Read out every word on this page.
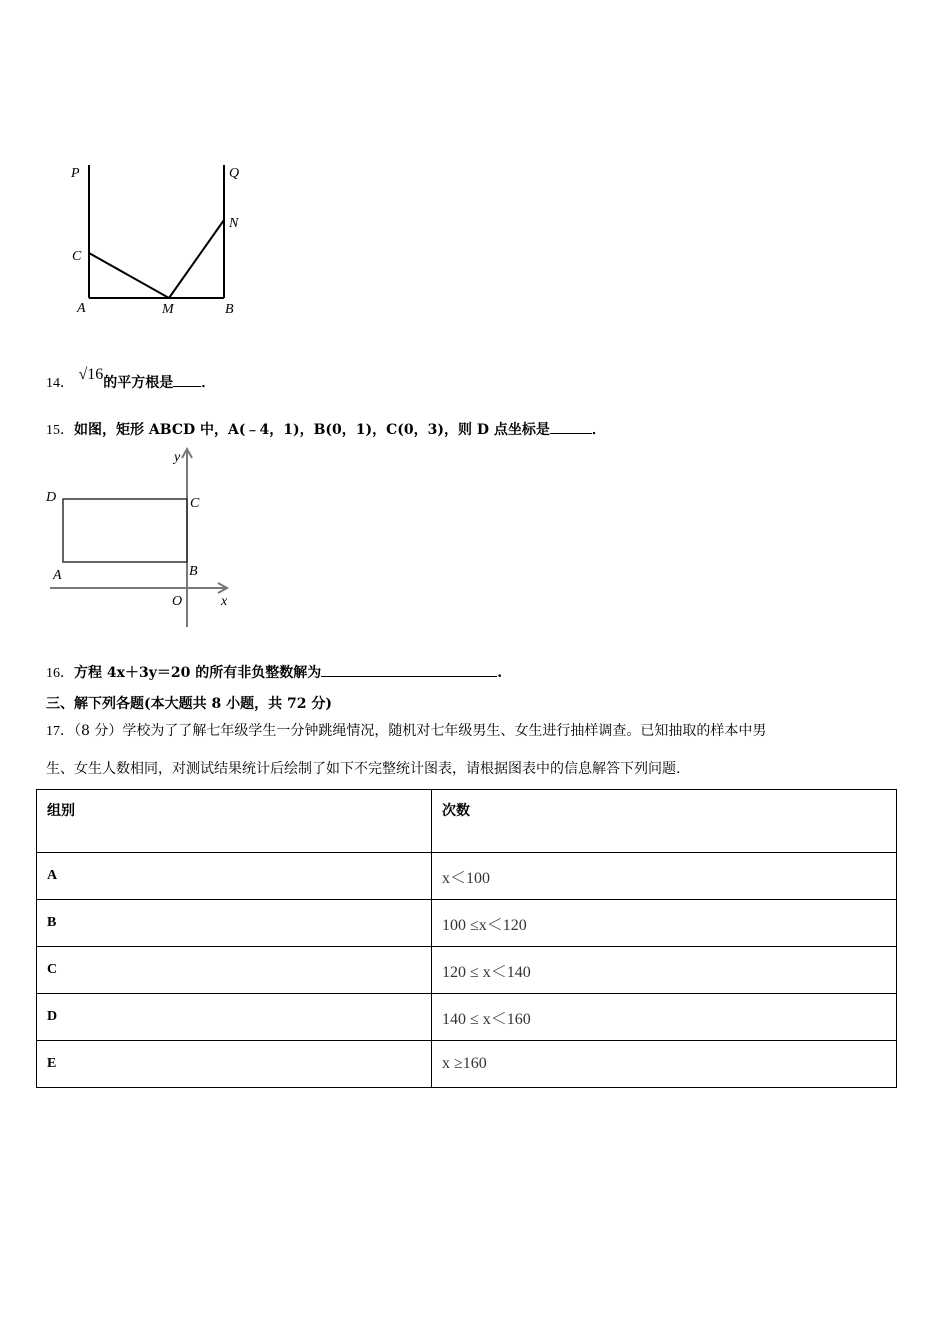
P	Q
C
N
A	M	B
14． √16的平方根是 ．
15．如图，矩形 ABCD 中，A(﹣4，1)，B(0，1)，C(0，3)，则 D 点坐标是	．
y
D	C
A	B
O	x
16．方程 4x＋3y＝20 的所有非负整数解为	.
三、解下列各题(本大题共 8 小题，共 72 分)
17．（8 分）学校为了了解七年级学生一分钟跳绳情况，随机对七年级男生、女生进行抽样调查。已知抽取的样本中男
生、女生人数相同，对测试结果统计后绘制了如下不完整统计图表，请根据图表中的信息解答下列问题.
组别	次数
A	x＜100
B	100 ≤x＜120
C	120 ≤ x＜140
D	140 ≤ x＜160
E	x ≥160
